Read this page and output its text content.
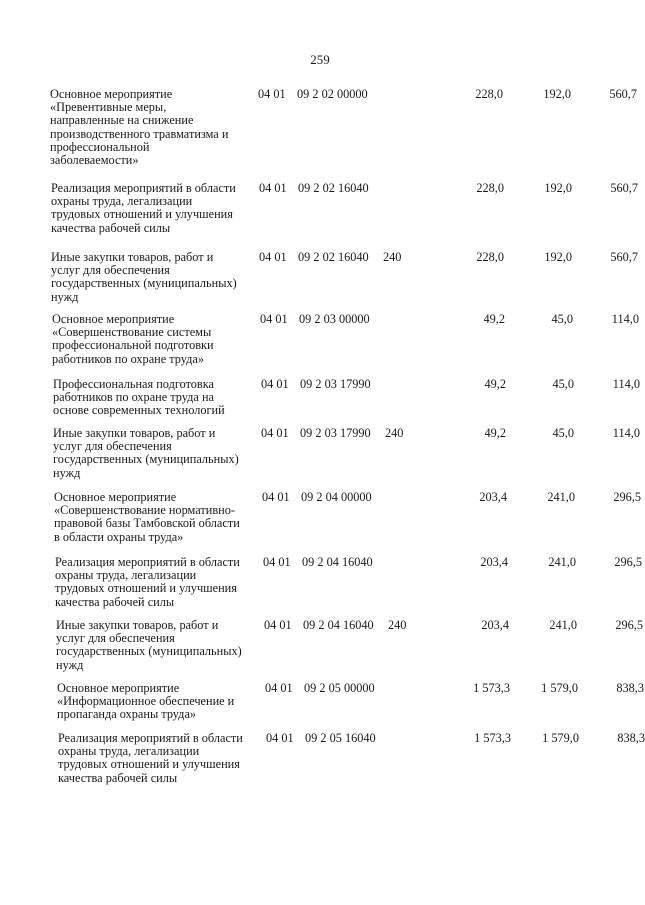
259
Основное мероприятие
«Превентивные меры,
направленные на снижение
производственного травматизма и
профессиональной
заболеваемости»
04 01 09 2 02 00000	228,0	192,0	560,7
Реализация мероприятий в области
охраны труда, легализации
трудовых отношений и улучшения
качества рабочей силы
04 01 09 2 02 16040	228,0	192,0	560,7
Иные закупки товаров, работ и
услуг для обеспечения
государственных (муниципальных)
нужд
04 01 09 2 02 16040 240	228,0	192,0	560,7
Основное мероприятие
«Совершенствование системы
профессиональной подготовки
работников по охране труда»
04 01 09 2 03 00000	49,2	45,0	114,0
Профессиональная подготовка
работников по охране труда на
основе современных технологий
04 01 09 2 03 17990	49,2	45,0	114,0
Иные закупки товаров, работ и
услуг для обеспечения
государственных (муниципальных)
нужд
04 01 09 2 03 17990 240	49,2	45,0	114,0
Основное мероприятие
«Совершенствование нормативно-
правовой базы Тамбовской области
в области охраны труда»
04 01 09 2 04 00000	203,4	241,0	296,5
Реализация мероприятий в области
охраны труда, легализации
трудовых отношений и улучшения
качества рабочей силы
04 01 09 2 04 16040	203,4	241,0	296,5
Иные закупки товаров, работ и
услуг для обеспечения
государственных (муниципальных)
нужд
04 01 09 2 04 16040 240	203,4	241,0	296,5
Основное мероприятие
«Информационное обеспечение и
пропаганда охраны труда»
04 01 09 2 05 00000	1 573,3	1 579,0	838,3
Реализация мероприятий в области
охраны труда, легализации
трудовых отношений и улучшения
качества рабочей силы
04 01 09 2 05 16040	1 573,3	1 579,0	838,3
